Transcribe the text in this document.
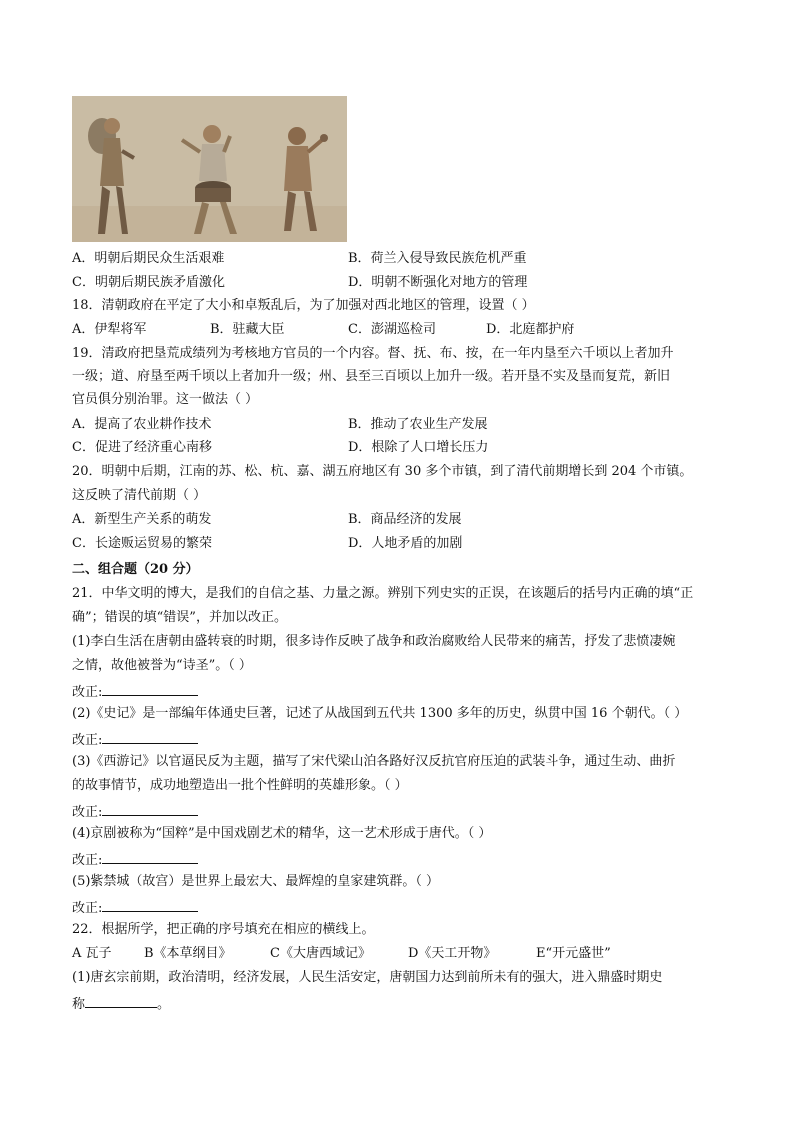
A．明朝后期民众生活艰难	B．荷兰入侵导致民族危机严重
C．明朝后期民族矛盾激化	D．明朝不断强化对地方的管理
18．清朝政府在平定了大小和卓叛乱后，为了加强对西北地区的管理，设置（ ）
A．伊犁将军	B．驻藏大臣	C．澎湖巡检司	D．北庭都护府
19．清政府把垦荒成绩列为考核地方官员的一个内容。督、抚、布、按，在一年内垦至六千顷以上者加升
一级；道、府垦至两千顷以上者加升一级；州、县至三百顷以上加升一级。若开垦不实及垦而复荒，新旧
官员俱分别治罪。这一做法（ ）
A．提高了农业耕作技术	B．推动了农业生产发展
C．促进了经济重心南移	D．根除了人口增长压力
20．明朝中后期，江南的苏、松、杭、嘉、湖五府地区有 30 多个市镇，到了清代前期增长到 204 个市镇。
这反映了清代前期（ ）
A．新型生产关系的萌发	B．商品经济的发展
C．长途贩运贸易的繁荣	D．人地矛盾的加剧
二、组合题（20 分）
21．中华文明的博大，是我们的自信之基、力量之源。辨别下列史实的正误，在该题后的括号内正确的填“正
确”；错误的填“错误”，并加以改正。
(1)李白生活在唐朝由盛转衰的时期，很多诗作反映了战争和政治腐败给人民带来的痛苦，抒发了悲愤凄婉
之情，故他被誉为“诗圣”。（ ）
改正:
(2)《史记》是一部编年体通史巨著，记述了从战国到五代共 1300 多年的历史，纵贯中国 16 个朝代。（ ）
改正:
(3)《西游记》以官逼民反为主题，描写了宋代梁山泊各路好汉反抗官府压迫的武装斗争，通过生动、曲折
的故事情节，成功地塑造出一批个性鲜明的英雄形象。（ ）
改正:
(4)京剧被称为“国粹”是中国戏剧艺术的精华，这一艺术形成于唐代。（ ）
改正:
(5)紫禁城（故宫）是世界上最宏大、最辉煌的皇家建筑群。（ ）
改正:
22．根据所学，把正确的序号填充在相应的横线上。
A 瓦子 B《本草纲目》	C《大唐西域记》	D《天工开物》	E“开元盛世”
(1)唐玄宗前期，政治清明，经济发展，人民生活安定，唐朝国力达到前所未有的强大，进入鼎盛时期史
称	。
